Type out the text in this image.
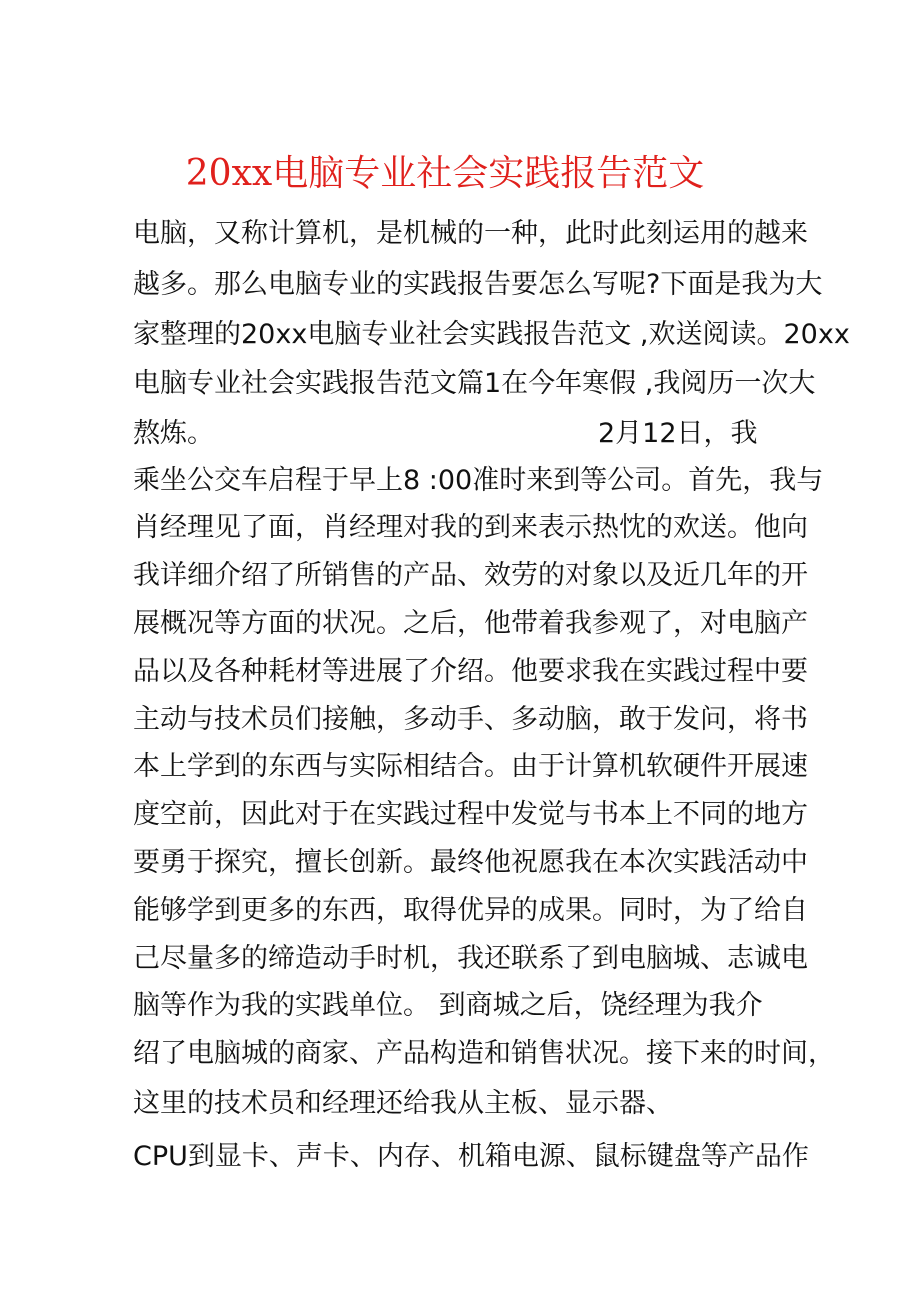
20xx电脑专业社会实践报告范文
电脑，又称计算机，是机械的一种，此时此刻运用的越来
越多。那么电脑专业的实践报告要怎么写呢?下面是我为大
家整理的20xx电脑专业社会实践报告范文 ,欢送阅读。20xx
电脑专业社会实践报告范文篇1在今年寒假 ,我阅历一次大
熬炼。	2月12日，我
乘坐公交车启程于早上8 :00准时来到等公司。首先，我与
肖经理见了面，肖经理对我的到来表示热忱的欢送。他向
我详细介绍了所销售的产品、效劳的对象以及近几年的开
展概况等方面的状况。之后，他带着我参观了，对电脑产
品以及各种耗材等进展了介绍。他要求我在实践过程中要
主动与技术员们接触，多动手、多动脑，敢于发问，将书
本上学到的东西与实际相结合。由于计算机软硬件开展速
度空前，因此对于在实践过程中发觉与书本上不同的地方
要勇于探究，擅长创新。最终他祝愿我在本次实践活动中
能够学到更多的东西，取得优异的成果。同时，为了给自
己尽量多的缔造动手时机，我还联系了到电脑城、志诚电
脑等作为我的实践单位。 到商城之后，饶经理为我介
绍了电脑城的商家、产品构造和销售状况。接下来的时间，
这里的技术员和经理还给我从主板、显示器、
CPU到显卡、声卡、内存、机箱电源、鼠标键盘等产品作
